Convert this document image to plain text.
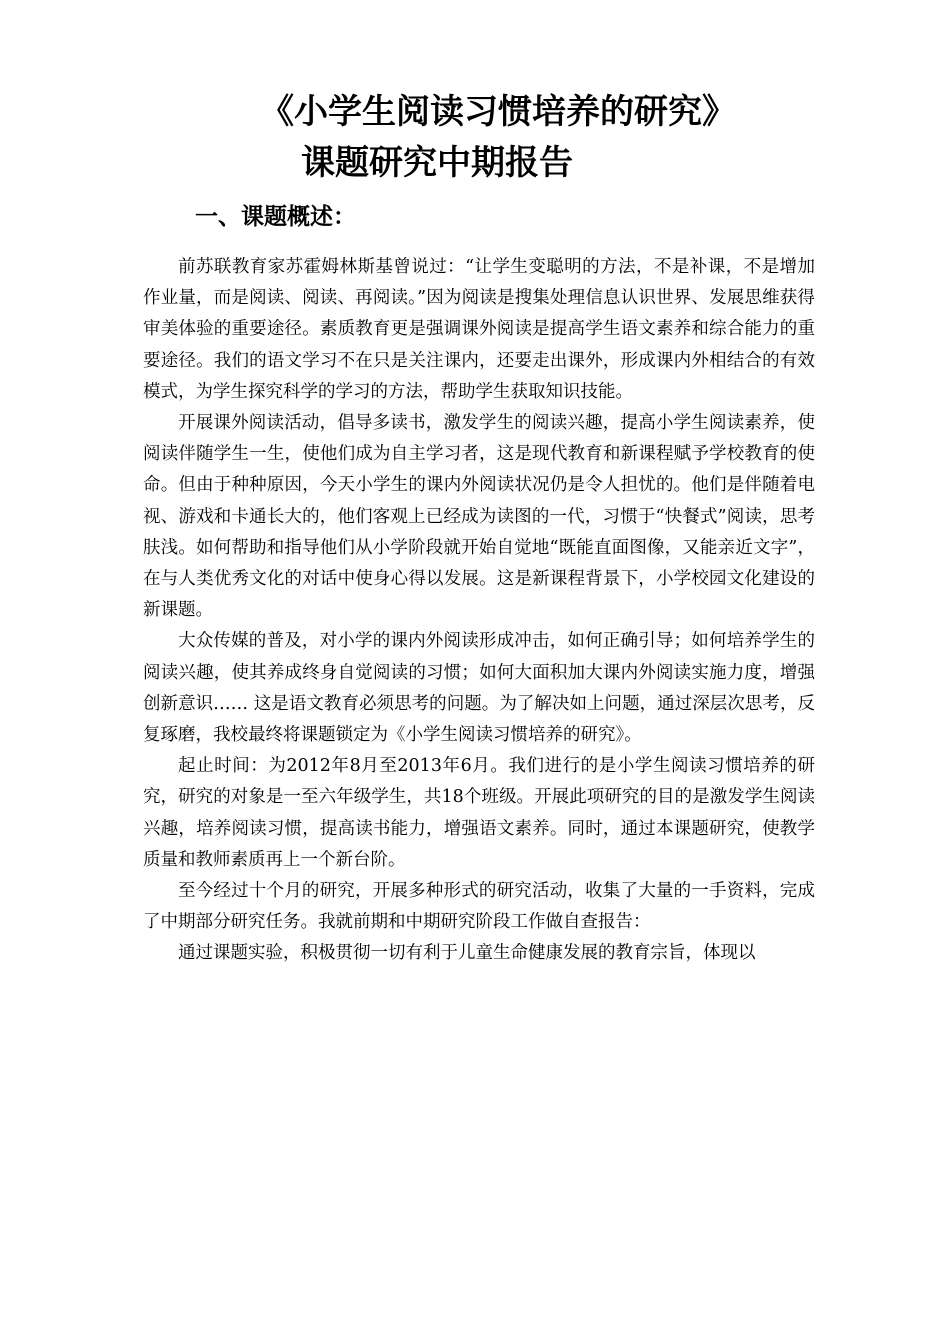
《小学生阅读习惯培养的研究》
课题研究中期报告
一、课题概述：

前苏联教育家苏霍姆林斯基曾说过：“让学生变聪明的方法，不是补课，不是增加作业量，而是阅读、阅读、再阅读。”因为阅读是搜集处理信息认识世界、发展思维获得审美体验的重要途径。素质教育更是强调课外阅读是提高学生语文素养和综合能力的重要途径。我们的语文学习不在只是关注课内，还要走出课外，形成课内外相结合的有效模式，为学生探究科学的学习的方法，帮助学生获取知识技能。

开展课外阅读活动，倡导多读书，激发学生的阅读兴趣，提高小学生阅读素养，使阅读伴随学生一生，使他们成为自主学习者，这是现代教育和新课程赋予学校教育的使命。但由于种种原因，今天小学生的课内外阅读状况仍是令人担忧的。他们是伴随着电视、游戏和卡通长大的，他们客观上已经成为读图的一代，习惯于“快餐式”阅读，思考肤浅。如何帮助和指导他们从小学阶段就开始自觉地“既能直面图像，又能亲近文字”，在与人类优秀文化的对话中使身心得以发展。这是新课程背景下，小学校园文化建设的新课题。

大众传媒的普及，对小学的课内外阅读形成冲击，如何正确引导；如何培养学生的阅读兴趣，使其养成终身自觉阅读的习惯；如何大面积加大课内外阅读实施力度，增强创新意识…… 这是语文教育必须思考的问题。为了解决如上问题，通过深层次思考，反复琢磨，我校最终将课题锁定为《小学生阅读习惯培养的研究》。

起止时间：为2012年8月至2013年6月。我们进行的是小学生阅读习惯培养的研究，研究的对象是一至六年级学生，共18个班级。开展此项研究的目的是激发学生阅读兴趣，培养阅读习惯，提高读书能力，增强语文素养。同时，通过本课题研究，使教学质量和教师素质再上一个新台阶。

至今经过十个月的研究，开展多种形式的研究活动，收集了大量的一手资料，完成了中期部分研究任务。我就前期和中期研究阶段工作做自查报告：

通过课题实验，积极贯彻一切有利于儿童生命健康发展的教育宗旨，体现以
